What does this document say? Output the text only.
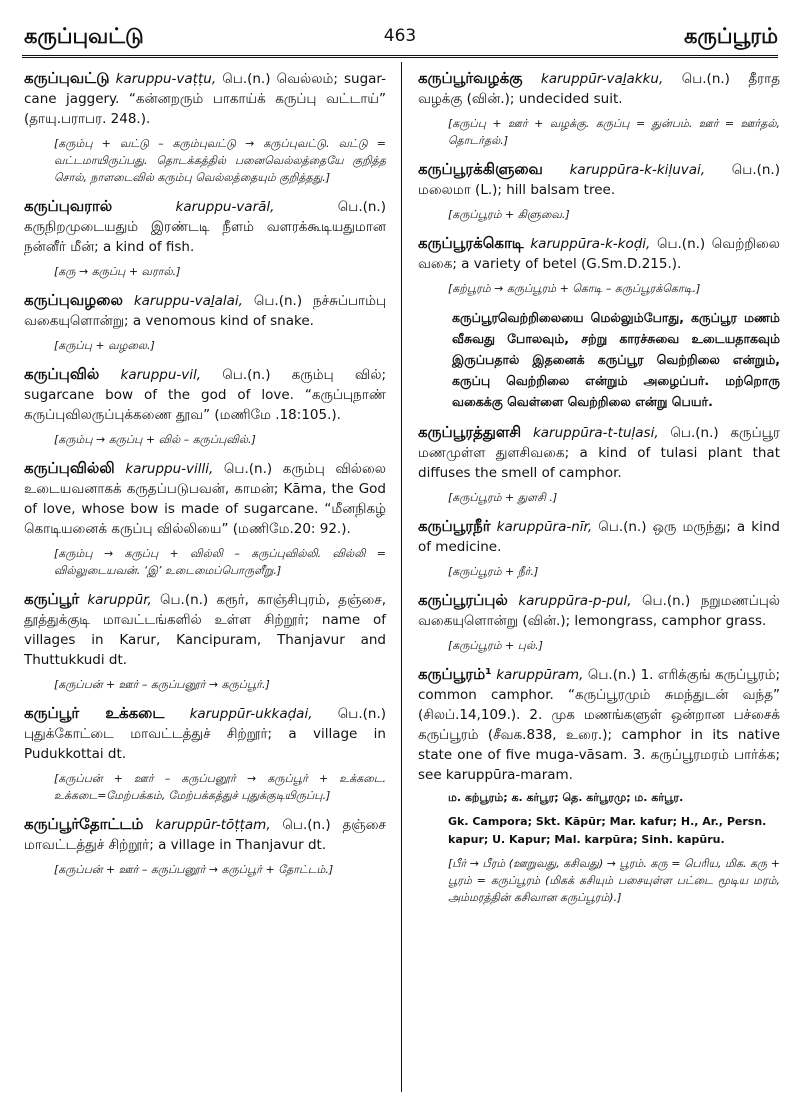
கருப்புவட்டு	463	கருப்பூரம்

கருப்புவட்டு karuppu-vaṭṭu, பெ.(n.) வெல்லம்; sugar-cane jaggery. “கன்னறரும் பாகாய்க் கருப்பு வட்டாய்” (தாயு.பராபர. 248.).

[கரும்பு + வட்டு – கரும்புவட்டு → கருப்புவட்டு. வட்டு = வட்டமாயிருப்பது. தொடக்கத்தில் பனைவெல்லத்தையே குறித்த சொல், நாளடைவில் கரும்பு வெல்லத்தையும் குறித்தது.]

கருப்புவரால்	karuppu-varāl,	பெ.(n.) கருநிறமுடையதும் இரண்டடி நீளம் வளரக்கூடியதுமான நன்னீர் மீன்; a kind of fish.

[கரு → கருப்பு + வரால்.]

கருப்புவழலை karuppu-vaḻalai, பெ.(n.) நச்சுப்பாம்பு வகையுளொன்று; a venomous kind of snake.

[கருப்பு + வழலை.]

கருப்புவில் karuppu-vil, பெ.(n.) கரும்பு வில்; sugarcane bow of the god of love. “கருப்புநாண் கருப்புவிலருப்புக்கணை தூவ” (மணிமே .18:105.).

[கரும்பு → கருப்பு + வில் – கருப்புவில்.]

கருப்புவில்லி karuppu-villi, பெ.(n.) கரும்பு வில்லை உடையவனாகக் கருதப்படுபவன், காமன்; Kāma, the God of love, whose bow is made of sugarcane. “மீனநிகழ் கொடியனைக் கருப்பு வில்லியை” (மணிமே.20: 92.).

[கரும்பு → கருப்பு + வில்லி – கருப்புவில்லி. வில்லி = வில்லுடையவன். ‘இ’ உடைமைப்பொருளீறு.]

கருப்பூர் karuppūr, பெ.(n.) கரூர், காஞ்சிபுரம், தஞ்சை, தூத்துக்குடி மாவட்டங்களில் உள்ள சிற்றூர்; name of villages in Karur, Kancipuram, Thanjavur and Thuttukkudi dt.

[கருப்பன் + ஊர் – கருப்பனூர் → கருப்பூர்.]

கருப்பூர் உக்கடை karuppūr-ukkaḍai, பெ.(n.) புதுக்கோட்டை மாவட்டத்துச் சிற்றூர்; a village in Pudukkottai dt.

[கருப்பன் + ஊர் – கருப்பனூர் → கருப்பூர் + உக்கடை. உக்கடை=மேற்பக்கம், மேற்பக்கத்துச் புதுக்குடியிருப்பு.]

கருப்பூர்தோட்டம் karuppūr-tōṭṭam, பெ.(n.) தஞ்சை மாவட்டத்துச் சிற்றூர்; a village in Thanjavur dt.

[கருப்பன் + ஊர் – கருப்பனூர் → கருப்பூர் + தோட்டம்.]

கருப்பூர்வழக்கு karuppūr-vaḻakku, பெ.(n.) தீராத வழக்கு (வின்.); undecided suit.

[கருப்பு + ஊர் + வழக்கு. கருப்பு = துன்பம். ஊர் = ஊர்தல், தொடர்தல்.]

கருப்பூரக்கிளுவை karuppūra-k-kiḷuvai, பெ.(n.) மலைமா (L.); hill balsam tree.

[கருப்பூரம் + கிளுவை.]

கருப்பூரக்கொடி karuppūra-k-koḍi, பெ.(n.) வெற்றிலை வகை; a variety of betel (G.Sm.D.215.).

[கற்பூரம் → கருப்பூரம் + கொடி – கருப்பூரக்கொடி.]

கருப்பூரவெற்றிலையை மெல்லும்போது, கருப்பூர மணம் வீசுவது போலவும், சற்று காரச்சுவை உடையதாகவும் இருப்பதால் இதனைக் கருப்பூர வெற்றிலை என்றும், கருப்பு வெற்றிலை என்றும் அழைப்பர். மற்றொரு வகைக்கு வெள்ளை வெற்றிலை என்று பெயர்.

கருப்பூரத்துளசி karuppūra-t-tuḷasi, பெ.(n.) கருப்பூர மணமுள்ள துளசிவகை; a kind of tulasi plant that diffuses the smell of camphor.

[கருப்பூரம் + துளசி .]

கருப்பூரநீர் karuppūra-nīr, பெ.(n.) ஒரு மருந்து; a kind of medicine.

[கருப்பூரம் + நீர்.]

கருப்பூரப்புல் karuppūra-p-pul, பெ.(n.) நறுமணப்புல் வகையுளொன்று (வின்.); lemongrass, camphor grass.

[கருப்பூரம் + புல்.]

கருப்பூரம்¹ karuppūram, பெ.(n.) 1. எரிக்குங் கருப்பூரம்; common camphor. “கருப்பூரமும் சுமந்துடன் வந்த” (சிலப்.14,109.). 2. முக மணங்களுள் ஒன்றான பச்சைக் கருப்பூரம் (சீவக.838, உரை.); camphor in its native state one of five muga-vāsam. 3. கருப்பூரமரம் பார்க்க; see karuppūra-maram.

ம. கற்பூரம்; க. கர்பூர; தெ. கர்பூரமு; ம. கர்பூர.

Gk. Campora; Skt. Kāpūr; Mar. kafur; H., Ar., Persn. kapur; U. Kapur; Mal. karpūra; Sinh. kapūru.

[பீர் → பீரம் (ஊறுவது, கசிவது) → பூரம். கரு = பெரிய, மிக. கரு + பூரம் = கருப்பூரம் (மிகக் கசியும் பசையுள்ள பட்டை மூடிய மரம், அம்மரத்தின் கசிவான கருப்பூரம்).]
